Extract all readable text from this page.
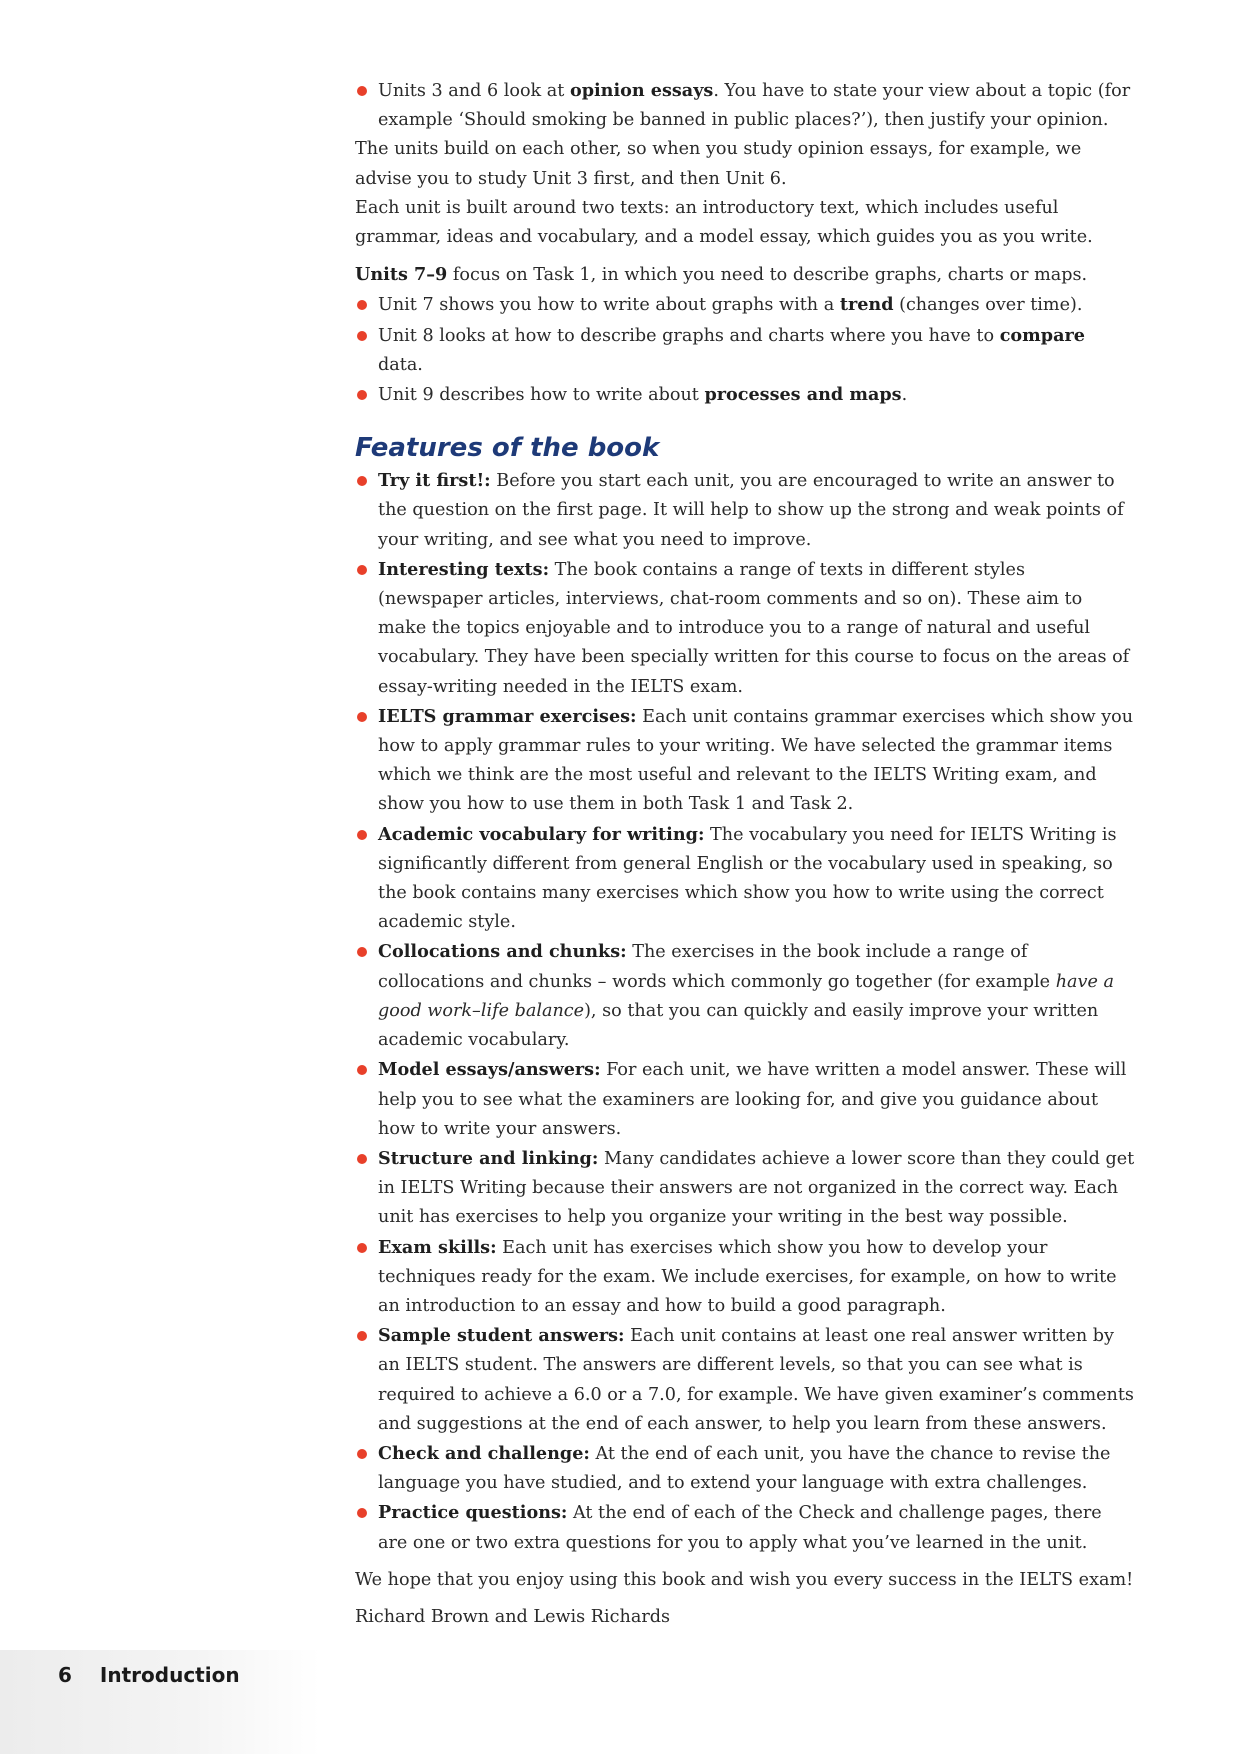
Units 3 and 6 look at opinion essays. You have to state your view about a topic (for example ‘Should smoking be banned in public places?’), then justify your opinion.

The units build on each other, so when you study opinion essays, for example, we advise you to study Unit 3 first, and then Unit 6.

Each unit is built around two texts: an introductory text, which includes useful grammar, ideas and vocabulary, and a model essay, which guides you as you write.

Units 7–9 focus on Task 1, in which you need to describe graphs, charts or maps.

Unit 7 shows you how to write about graphs with a trend (changes over time).
Unit 8 looks at how to describe graphs and charts where you have to compare data.
Unit 9 describes how to write about processes and maps.
Features of the book
Try it first!: Before you start each unit, you are encouraged to write an answer to the question on the first page. It will help to show up the strong and weak points of your writing, and see what you need to improve.
Interesting texts: The book contains a range of texts in different styles (newspaper articles, interviews, chat-room comments and so on). These aim to make the topics enjoyable and to introduce you to a range of natural and useful vocabulary. They have been specially written for this course to focus on the areas of essay-writing needed in the IELTS exam.
IELTS grammar exercises: Each unit contains grammar exercises which show you how to apply grammar rules to your writing. We have selected the grammar items which we think are the most useful and relevant to the IELTS Writing exam, and show you how to use them in both Task 1 and Task 2.
Academic vocabulary for writing: The vocabulary you need for IELTS Writing is significantly different from general English or the vocabulary used in speaking, so the book contains many exercises which show you how to write using the correct academic style.
Collocations and chunks: The exercises in the book include a range of collocations and chunks – words which commonly go together (for example have a good work–life balance), so that you can quickly and easily improve your written academic vocabulary.
Model essays/answers: For each unit, we have written a model answer. These will help you to see what the examiners are looking for, and give you guidance about how to write your answers.
Structure and linking: Many candidates achieve a lower score than they could get in IELTS Writing because their answers are not organized in the correct way. Each unit has exercises to help you organize your writing in the best way possible.
Exam skills: Each unit has exercises which show you how to develop your techniques ready for the exam. We include exercises, for example, on how to write an introduction to an essay and how to build a good paragraph.
Sample student answers: Each unit contains at least one real answer written by an IELTS student. The answers are different levels, so that you can see what is required to achieve a 6.0 or a 7.0, for example. We have given examiner’s comments and suggestions at the end of each answer, to help you learn from these answers.
Check and challenge: At the end of each unit, you have the chance to revise the language you have studied, and to extend your language with extra challenges.
Practice questions: At the end of each of the Check and challenge pages, there are one or two extra questions for you to apply what you’ve learned in the unit.

We hope that you enjoy using this book and wish you every success in the IELTS exam!

Richard Brown and Lewis Richards

6 Introduction
